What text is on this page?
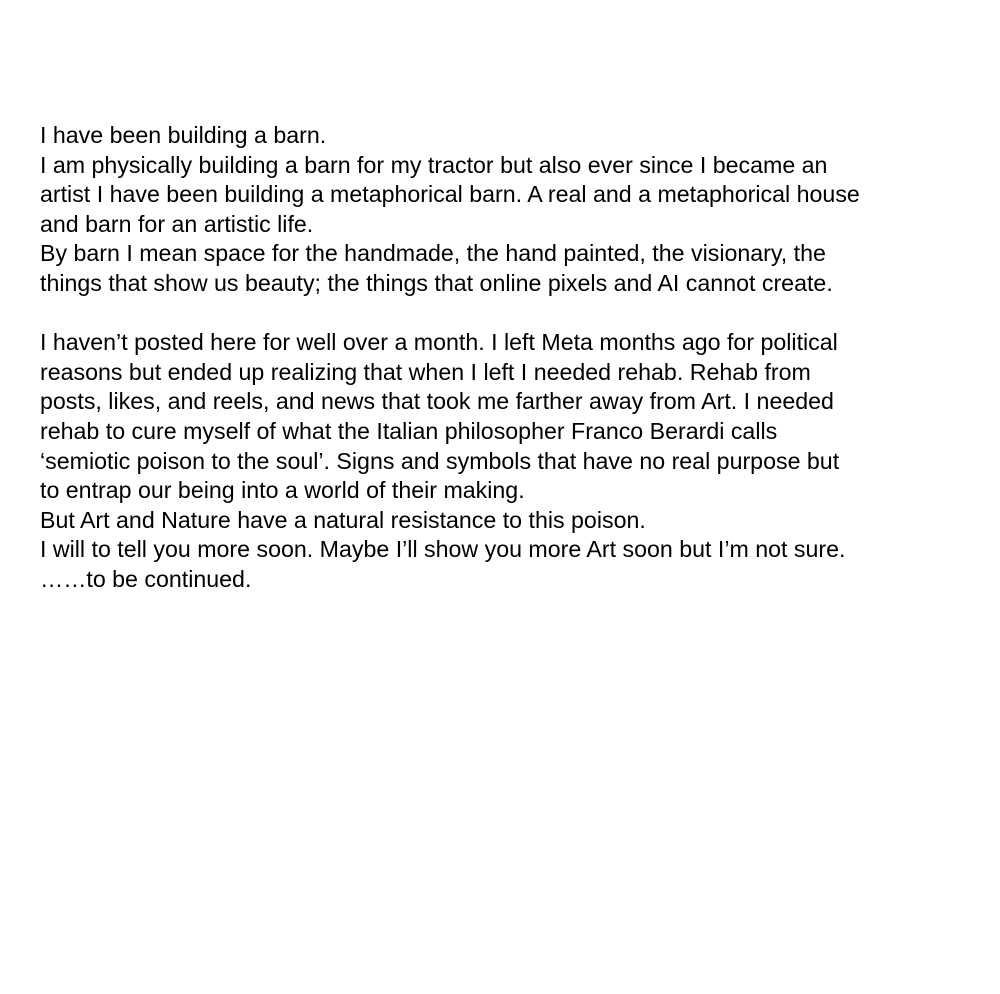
I have been building a barn.
I am physically building a barn for my tractor but also ever since I became an
artist I have been building a metaphorical barn. A real and a metaphorical house
and barn for an artistic life.
By barn I mean space for the handmade, the hand painted, the visionary, the
things that show us beauty; the things that online pixels and AI cannot create.
I haven’t posted here for well over a month. I left Meta months ago for political
reasons but ended up realizing that when I left I needed rehab. Rehab from
posts, likes, and reels, and news that took me farther away from Art. I needed
rehab to cure myself of what the Italian philosopher Franco Berardi calls
‘semiotic poison to the soul’. Signs and symbols that have no real purpose but
to entrap our being into a world of their making.
But Art and Nature have a natural resistance to this poison.
I will to tell you more soon. Maybe I’ll show you more Art soon but I’m not sure.
……to be continued.
